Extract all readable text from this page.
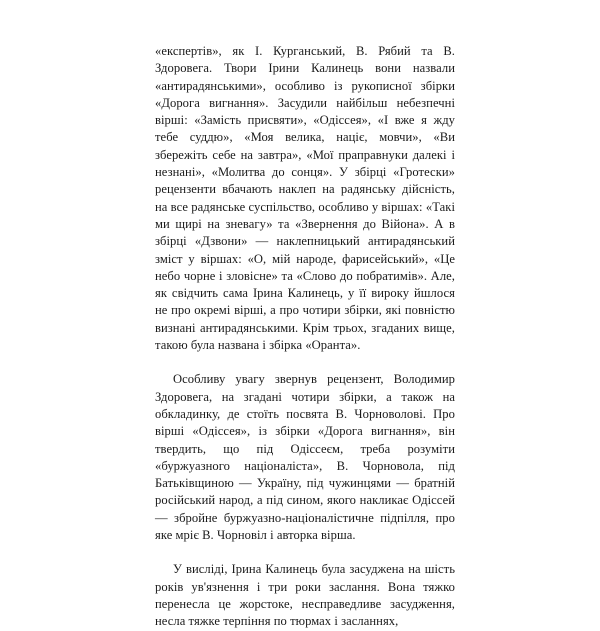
«експертів», як І. Курганський, В. Рябий та В. Здоровега. Твори Ірини Калинець вони назвали «антирадянськими», особливо із рукописної збірки «Дорога вигнання». Засудили найбільш небезпечні вірші: «Замість присвяти», «Одіссея», «І вже я жду тебе суддю», «Моя велика, націє, мовчи», «Ви збережіть себе на завтра», «Мої праправнуки далекі і незнані», «Молитва до сонця». У збірці «Гротески» рецензенти вбачають наклеп на радянську дійсність, на все радянське суспільство, особливо у віршах: «Такі ми щирі на зневагу» та «Звернення до Війона». А в збірці «Дзвони» — наклепницький антирадянський зміст у віршах: «О, мій народе, фарисейський», «Це небо чорне і зловісне» та «Слово до побратимів». Але, як свідчить сама Ірина Калинець, у її вироку йшлося не про окремі вірші, а про чотири збірки, які повністю визнані антирадянськими. Крім трьох, згаданих вище, такою була названа і збірка «Оранта».

Особливу увагу звернув рецензент, Володимир Здоровега, на згадані чотири збірки, а також на обкладинку, де стоїть посвята В. Чорноволові. Про вірші «Одіссея», із збірки «Дорога вигнання», він твердить, що під Одіссеєм, треба розуміти «буржуазного націоналіста», В. Чорновола, під Батьківщиною — Україну, під чужинцями — братній російський народ, а під сином, якого накликає Одіссей — збройне буржуазно-націоналістичне підпілля, про яке мріє В. Чорновіл і авторка вірша.

У висліді, Ірина Калинець була засуджена на шість років ув'язнення і три роки заслання. Вона тяжко перенесла це жорстоке, несправедливе засудження, несла тяжке терпіння по тюрмах і засланнях,
